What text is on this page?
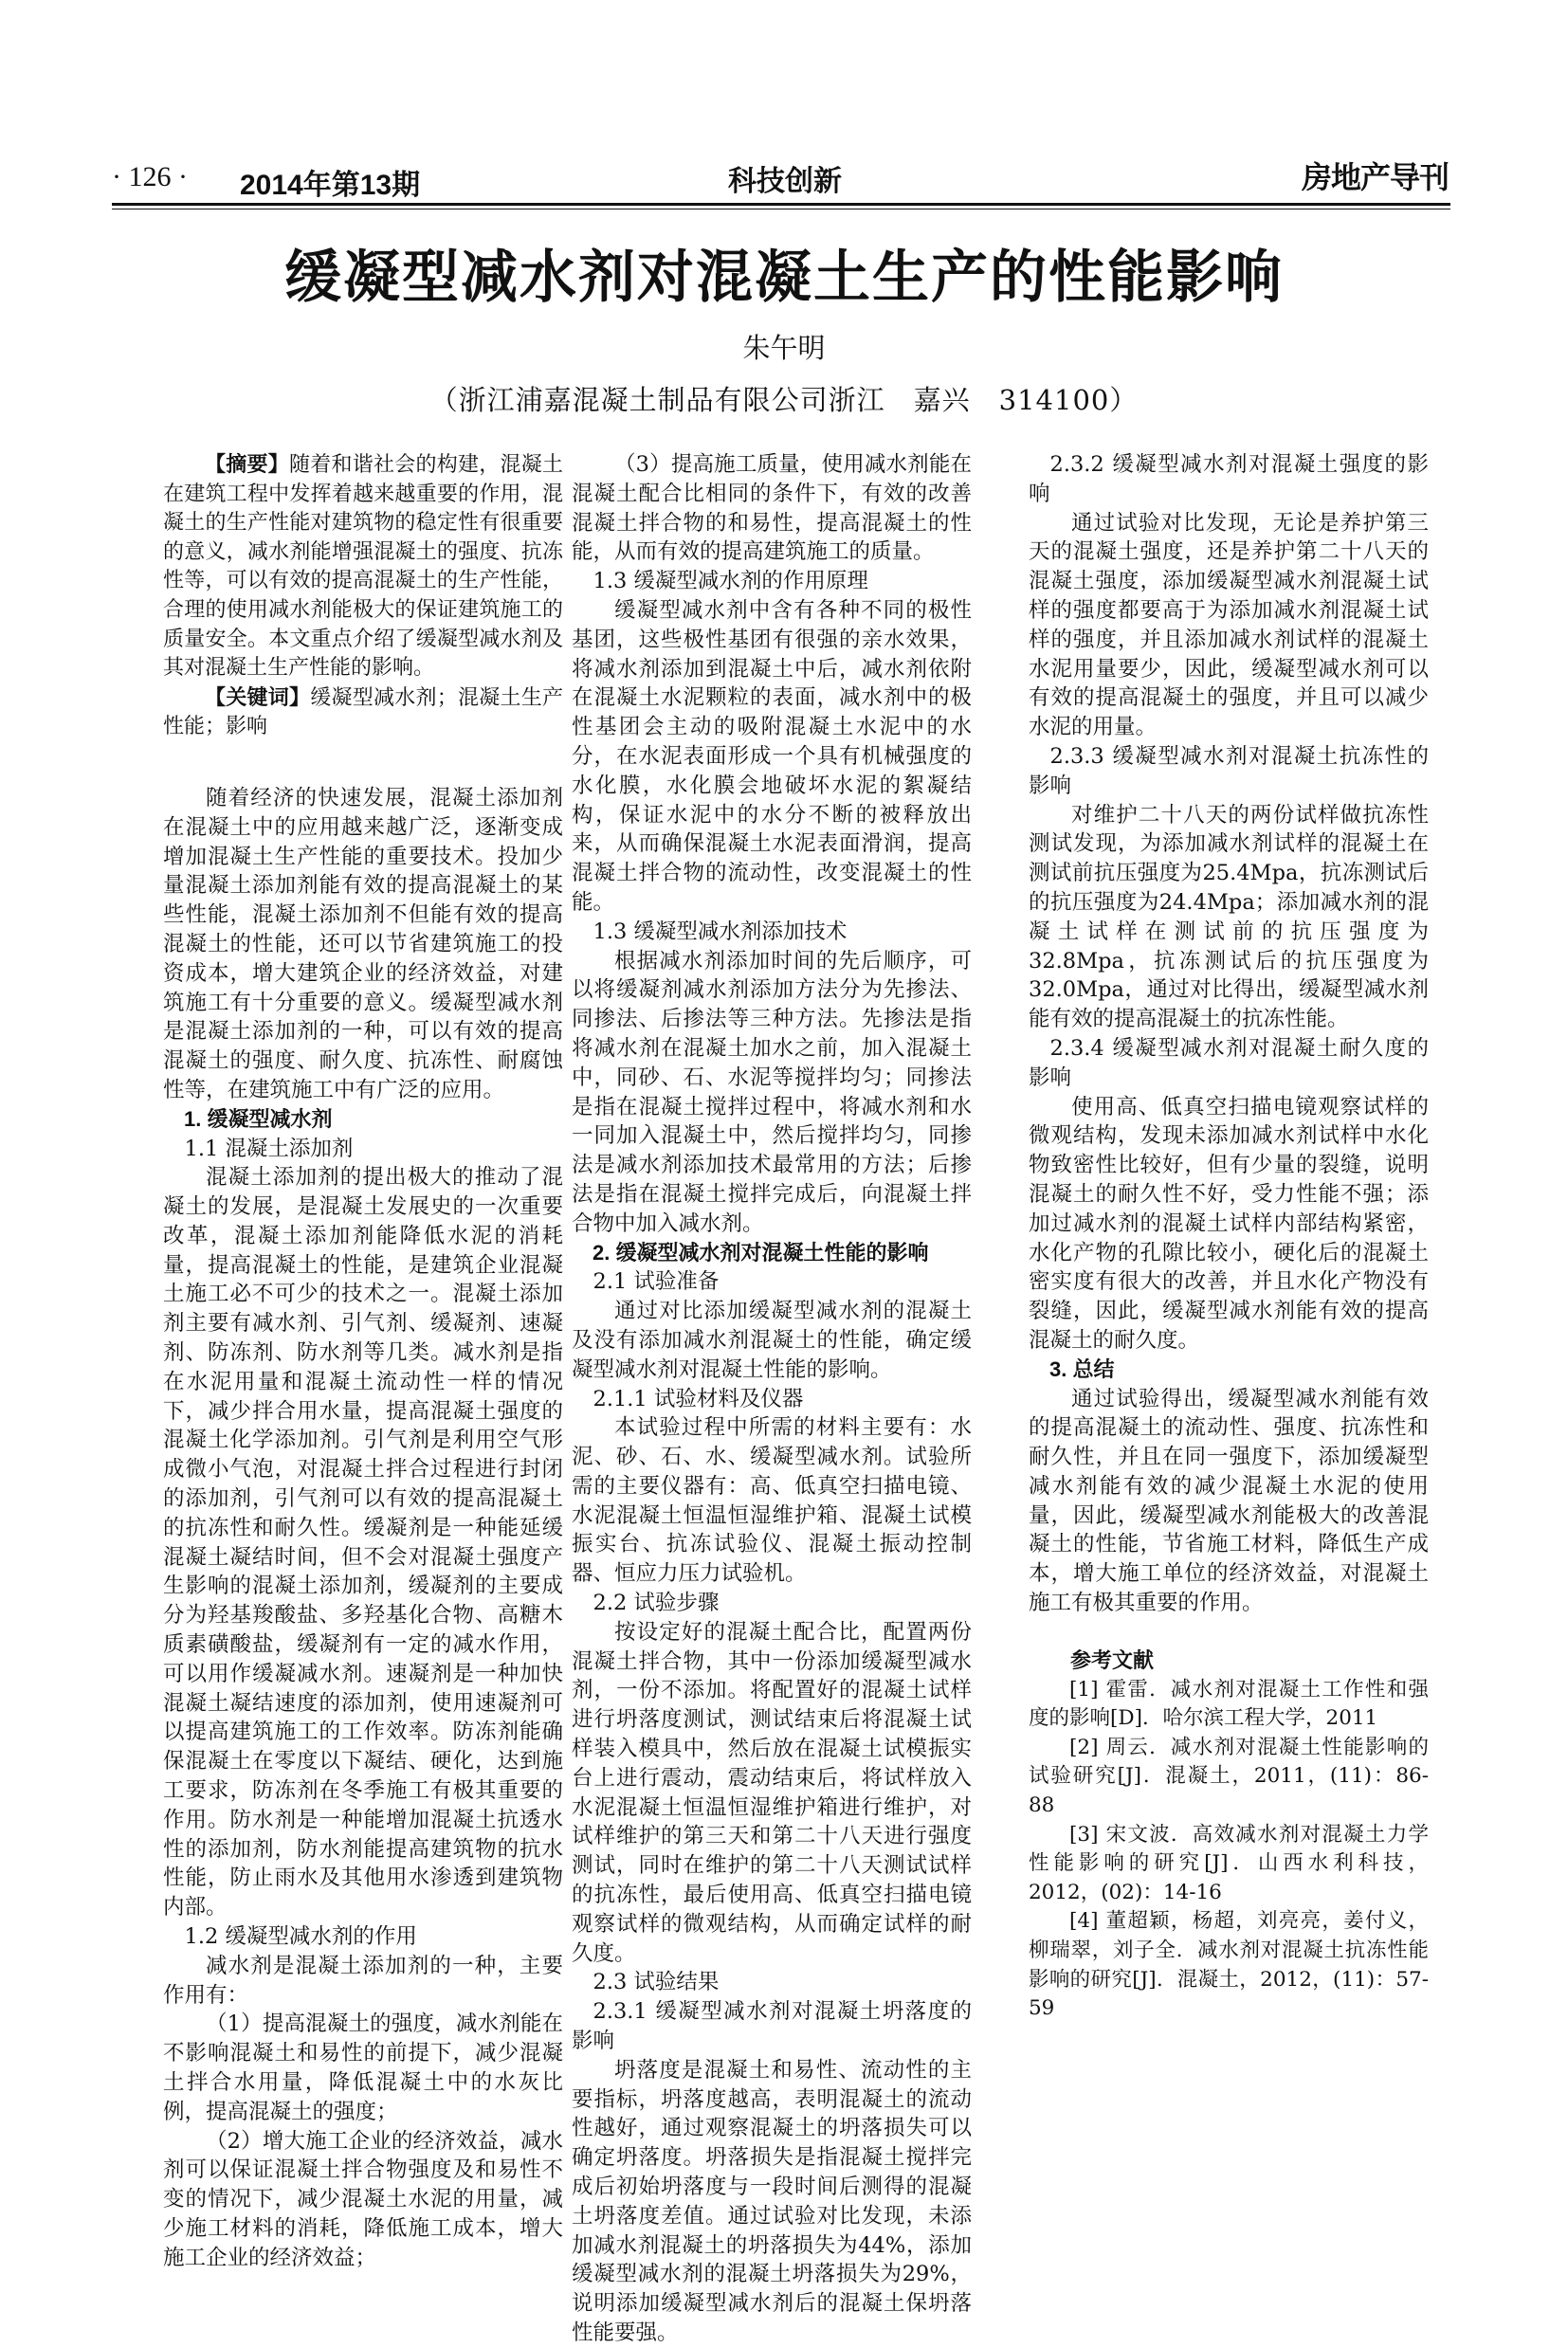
· 126 · 2014年第13期	科技创新	房地产导刊
缓凝型减水剂对混凝土生产的性能影响
朱午明
（浙江浦嘉混凝土制品有限公司浙江　嘉兴　314100）

【摘要】随着和谐社会的构建，混凝土在建筑工程中发挥着越来越重要的作用，混凝土的生产性能对建筑物的稳定性有很重要的意义，减水剂能增强混凝土的强度、抗冻性等，可以有效的提高混凝土的生产性能，合理的使用减水剂能极大的保证建筑施工的质量安全。本文重点介绍了缓凝型减水剂及其对混凝土生产性能的影响。

【关键词】缓凝型减水剂；混凝土生产性能；影响

随着经济的快速发展，混凝土添加剂在混凝土中的应用越来越广泛，逐渐变成增加混凝土生产性能的重要技术。投加少量混凝土添加剂能有效的提高混凝土的某些性能，混凝土添加剂不但能有效的提高混凝土的性能，还可以节省建筑施工的投资成本，增大建筑企业的经济效益，对建筑施工有十分重要的意义。缓凝型减水剂是混凝土添加剂的一种，可以有效的提高混凝土的强度、耐久度、抗冻性、耐腐蚀性等，在建筑施工中有广泛的应用。

1. 缓凝型减水剂

1.1 混凝土添加剂

混凝土添加剂的提出极大的推动了混凝土的发展，是混凝土发展史的一次重要改革，混凝土添加剂能降低水泥的消耗量，提高混凝土的性能，是建筑企业混凝土施工必不可少的技术之一。混凝土添加剂主要有减水剂、引气剂、缓凝剂、速凝剂、防冻剂、防水剂等几类。减水剂是指在水泥用量和混凝土流动性一样的情况下，减少拌合用水量，提高混凝土强度的混凝土化学添加剂。引气剂是利用空气形成微小气泡，对混凝土拌合过程进行封闭的添加剂，引气剂可以有效的提高混凝土的抗冻性和耐久性。缓凝剂是一种能延缓混凝土凝结时间，但不会对混凝土强度产生影响的混凝土添加剂，缓凝剂的主要成分为羟基羧酸盐、多羟基化合物、高糖木质素磺酸盐，缓凝剂有一定的减水作用，可以用作缓凝减水剂。速凝剂是一种加快混凝土凝结速度的添加剂，使用速凝剂可以提高建筑施工的工作效率。防冻剂能确保混凝土在零度以下凝结、硬化，达到施工要求，防冻剂在冬季施工有极其重要的作用。防水剂是一种能增加混凝土抗透水性的添加剂，防水剂能提高建筑物的抗水性能，防止雨水及其他用水渗透到建筑物内部。

1.2 缓凝型减水剂的作用

减水剂是混凝土添加剂的一种，主要作用有：

（1）提高混凝土的强度，减水剂能在不影响混凝土和易性的前提下，减少混凝土拌合水用量，降低混凝土中的水灰比例，提高混凝土的强度；

（2）增大施工企业的经济效益，减水剂可以保证混凝土拌合物强度及和易性不变的情况下，减少混凝土水泥的用量，减少施工材料的消耗，降低施工成本，增大施工企业的经济效益；

（3）提高施工质量，使用减水剂能在混凝土配合比相同的条件下，有效的改善混凝土拌合物的和易性，提高混凝土的性能，从而有效的提高建筑施工的质量。

1.3 缓凝型减水剂的作用原理

缓凝型减水剂中含有各种不同的极性基团，这些极性基团有很强的亲水效果，将减水剂添加到混凝土中后，减水剂依附在混凝土水泥颗粒的表面，减水剂中的极性基团会主动的吸附混凝土水泥中的水分，在水泥表面形成一个具有机械强度的水化膜，水化膜会地破坏水泥的絮凝结构，保证水泥中的水分不断的被释放出来，从而确保混凝土水泥表面滑润，提高混凝土拌合物的流动性，改变混凝土的性能。

1.3 缓凝型减水剂添加技术

根据减水剂添加时间的先后顺序，可以将缓凝剂减水剂添加方法分为先掺法、同掺法、后掺法等三种方法。先掺法是指将减水剂在混凝土加水之前，加入混凝土中，同砂、石、水泥等搅拌均匀；同掺法是指在混凝土搅拌过程中，将减水剂和水一同加入混凝土中，然后搅拌均匀，同掺法是减水剂添加技术最常用的方法；后掺法是指在混凝土搅拌完成后，向混凝土拌合物中加入减水剂。

2. 缓凝型减水剂对混凝土性能的影响

2.1 试验准备

通过对比添加缓凝型减水剂的混凝土及没有添加减水剂混凝土的性能，确定缓凝型减水剂对混凝土性能的影响。

2.1.1 试验材料及仪器

本试验过程中所需的材料主要有：水泥、砂、石、水、缓凝型减水剂。试验所需的主要仪器有：高、低真空扫描电镜、水泥混凝土恒温恒湿维护箱、混凝土试模振实台、抗冻试验仪、混凝土振动控制器、恒应力压力试验机。

2.2 试验步骤

按设定好的混凝土配合比，配置两份混凝土拌合物，其中一份添加缓凝型减水剂，一份不添加。将配置好的混凝土试样进行坍落度测试，测试结束后将混凝土试样装入模具中，然后放在混凝土试模振实台上进行震动，震动结束后，将试样放入水泥混凝土恒温恒湿维护箱进行维护，对试样维护的第三天和第二十八天进行强度测试，同时在维护的第二十八天测试试样的抗冻性，最后使用高、低真空扫描电镜观察试样的微观结构，从而确定试样的耐久度。

2.3 试验结果

2.3.1 缓凝型减水剂对混凝土坍落度的影响

坍落度是混凝土和易性、流动性的主要指标，坍落度越高，表明混凝土的流动性越好，通过观察混凝土的坍落损失可以确定坍落度。坍落损失是指混凝土搅拌完成后初始坍落度与一段时间后测得的混凝土坍落度差值。通过试验对比发现，未添加减水剂混凝土的坍落损失为44%，添加缓凝型减水剂的混凝土坍落损失为29%，说明添加缓凝型减水剂后的混凝土保坍落性能要强。

2.3.2 缓凝型减水剂对混凝土强度的影响

通过试验对比发现，无论是养护第三天的混凝土强度，还是养护第二十八天的混凝土强度，添加缓凝型减水剂混凝土试样的强度都要高于为添加减水剂混凝土试样的强度，并且添加减水剂试样的混凝土水泥用量要少，因此，缓凝型减水剂可以有效的提高混凝土的强度，并且可以减少水泥的用量。

2.3.3 缓凝型减水剂对混凝土抗冻性的影响

对维护二十八天的两份试样做抗冻性测试发现，为添加减水剂试样的混凝土在测试前抗压强度为25.4Mpa，抗冻测试后的抗压强度为24.4Mpa；添加减水剂的混凝土试样在测试前的抗压强度为32.8Mpa，抗冻测试后的抗压强度为32.0Mpa，通过对比得出，缓凝型减水剂能有效的提高混凝土的抗冻性能。

2.3.4 缓凝型减水剂对混凝土耐久度的影响

使用高、低真空扫描电镜观察试样的微观结构，发现未添加减水剂试样中水化物致密性比较好，但有少量的裂缝，说明混凝土的耐久性不好，受力性能不强；添加过减水剂的混凝土试样内部结构紧密，水化产物的孔隙比较小，硬化后的混凝土密实度有很大的改善，并且水化产物没有裂缝，因此，缓凝型减水剂能有效的提高混凝土的耐久度。

3. 总结

通过试验得出，缓凝型减水剂能有效的提高混凝土的流动性、强度、抗冻性和耐久性，并且在同一强度下，添加缓凝型减水剂能有效的减少混凝土水泥的使用量，因此，缓凝型减水剂能极大的改善混凝土的性能，节省施工材料，降低生产成本，增大施工单位的经济效益，对混凝土施工有极其重要的作用。

参考文献

[1] 霍雷．减水剂对混凝土工作性和强度的影响[D]．哈尔滨工程大学，2011

[2] 周云．减水剂对混凝土性能影响的试验研究[J]．混凝土，2011，(11)：86-88

[3] 宋文波．高效减水剂对混凝土力学性能影响的研究[J]．山西水利科技，2012，(02)：14-16

[4] 董超颖，杨超，刘亮亮，姜付义，柳瑞翠，刘子全．减水剂对混凝土抗冻性能影响的研究[J]．混凝土，2012，(11)：57-59
